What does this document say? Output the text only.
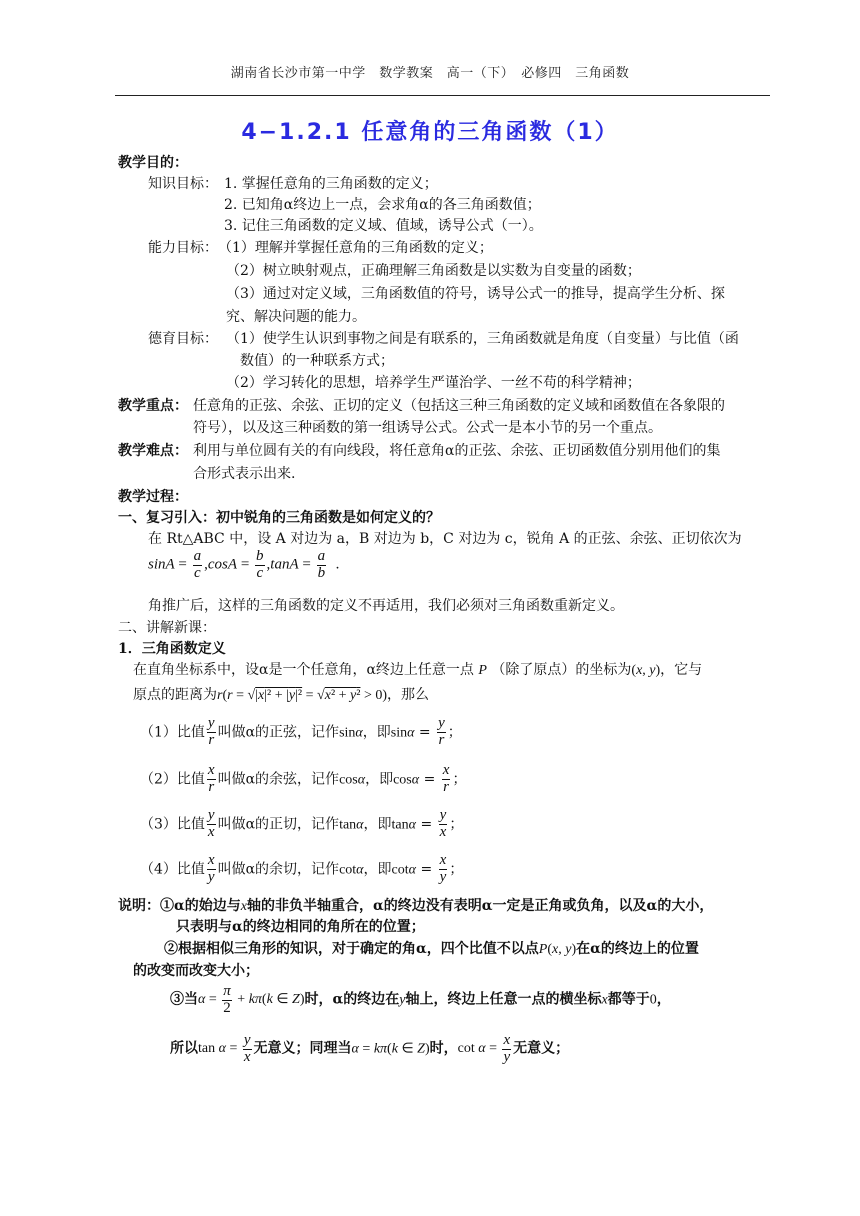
湖南省长沙市第一中学　数学教案　高一（下）　必修四　三角函数
4−1.2.1 任意角的三角函数（1）
教学目的：
知识目标： 1. 掌握任意角的三角函数的定义；
2. 已知角α终边上一点，会求角α的各三角函数值；
3. 记住三角函数的定义域、值域，诱导公式（一）。
能力目标： （1）理解并掌握任意角的三角函数的定义；
（2）树立映射观点，正确理解三角函数是以实数为自变量的函数；
（3）通过对定义域，三角函数值的符号，诱导公式一的推导，提高学生分析、探
究、解决问题的能力。
德育目标： （1）使学生认识到事物之间是有联系的，三角函数就是角度（自变量）与比值（函
数值）的一种联系方式；
（2）学习转化的思想，培养学生严谨治学、一丝不苟的科学精神；
教学重点： 任意角的正弦、余弦、正切的定义（包括这三种三角函数的定义域和函数值在各象限的
符号），以及这三种函数的第一组诱导公式。公式一是本小节的另一个重点。
教学难点： 利用与单位圆有关的有向线段，将任意角α的正弦、余弦、正切函数值分别用他们的集
合形式表示出来.
教学过程：
一、复习引入：初中锐角的三角函数是如何定义的？
在 Rt△ABC 中，设 A 对边为 a，B 对边为 b，C 对边为 c，锐角 A 的正弦、余弦、正切依次为
$\sin A = \frac{a}{c} ,\cos A = \frac{b}{c} ,\tan A = \frac{a}{b}$ .
角推广后，这样的三角函数的定义不再适用，我们必须对三角函数重新定义。
二、讲解新课：
1．三角函数定义
在直角坐标系中，设α是一个任意角，α终边上任意一点 P （除了原点）的坐标为(x, y)，它与
原点的距离为r(r = √|x|² + |y|² = √x² + y² > 0)，那么
（1）比值 $\frac{y}{r}$ 叫做α的正弦，记作sinα，即$\sin\alpha = \frac{y}{r}$ ；
（2）比值 $\frac{x}{r}$ 叫做α的余弦，记作cosα，即$\cos\alpha = \frac{x}{r}$ ；
（3）比值 $\frac{y}{x}$ 叫做α的正切，记作tanα，即$\tan\alpha = \frac{y}{x}$ ；
（4）比值 $\frac{x}{y}$ 叫做α的余切，记作cotα，即$\cot\alpha = \frac{x}{y}$ ；
说明：①α的始边与x轴的非负半轴重合，α的终边没有表明α一定是正角或负角，以及α的大小，
只表明与α的终边相同的角所在的位置；
②根据相似三角形的知识，对于确定的角α，四个比值不以点P(x, y)在α的终边上的位置
的改变而改变大小；
③当$\alpha = \frac{\pi}{2} + k\pi(k$ ∈ Z)时，α的终边在y轴上，终边上任意一点的横坐标x都等于0，
所以$\tan \alpha = \frac{y}{x}$ 无意义；同理当α = kπ(k ∈ Z)时，$\cot \alpha = \frac{x}{y}$ 无意义；
